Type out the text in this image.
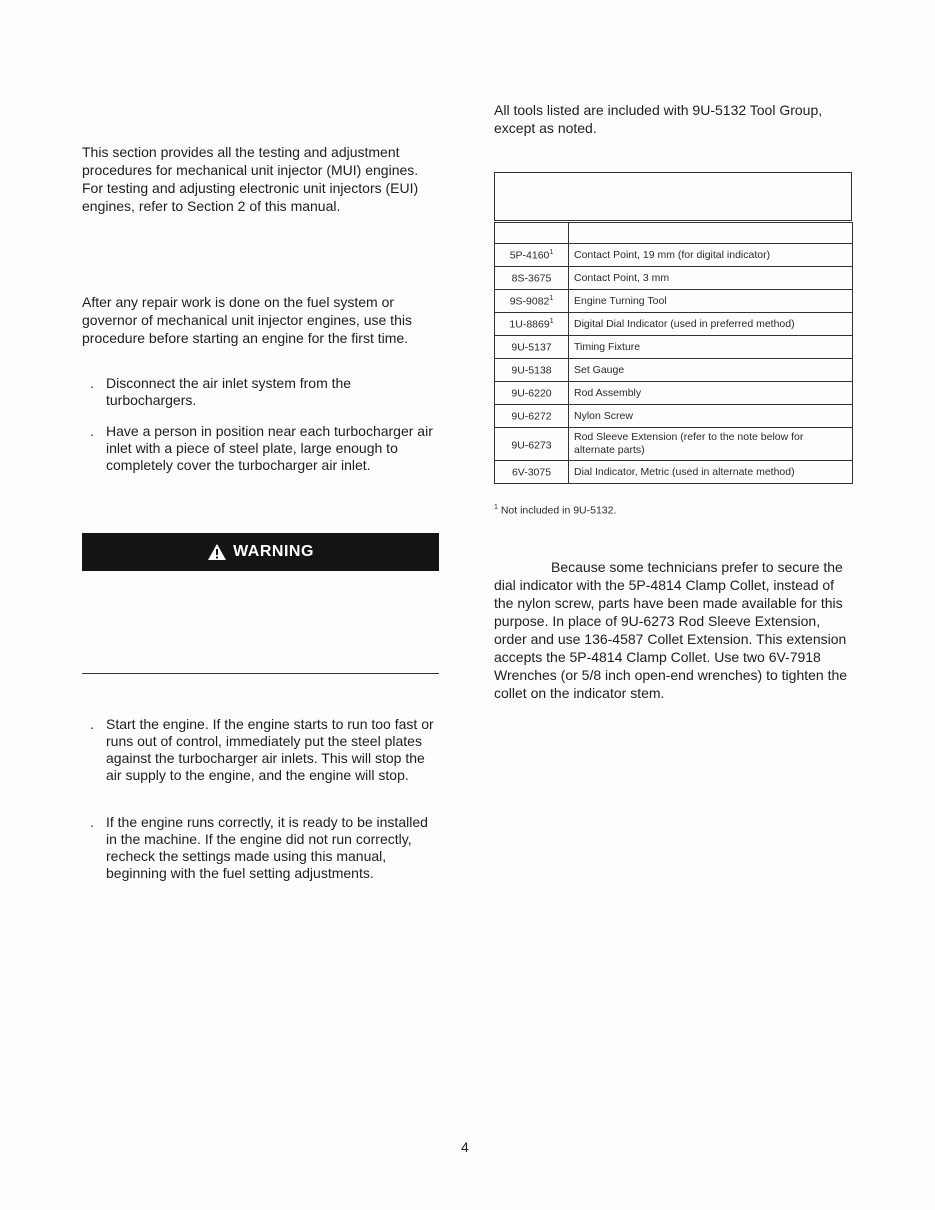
This section provides all the testing and adjustment procedures for mechanical unit injector (MUI) engines. For testing and adjusting electronic unit injectors (EUI) engines, refer to Section 2 of this manual.

After any repair work is done on the fuel system or governor of mechanical unit injector engines, use this procedure before starting an engine for the first time.

. Disconnect the air inlet system from the turbochargers.
. Have a person in position near each turbocharger air inlet with a piece of steel plate, large enough to completely cover the turbocharger air inlet.
WARNING
. Start the engine. If the engine starts to run too fast or runs out of control, immediately put the steel plates against the turbocharger air inlets. This will stop the air supply to the engine, and the engine will stop.
. If the engine runs correctly, it is ready to be installed in the machine. If the engine did not run correctly, recheck the settings made using this manual, beginning with the fuel setting adjustments.

All tools listed are included with 9U-5132 Tool Group, except as noted.

5P-4160$^1$	Contact Point, 19 mm (for digital indicator)
8S-3675	Contact Point, 3 mm
9S-9082$^1$	Engine Turning Tool
1U-8869$^1$	Digital Dial Indicator (used in preferred method)
9U-5137	Timing Fixture
9U-5138	Set Gauge
9U-6220	Rod Assembly
9U-6272	Nylon Screw
9U-6273	Rod Sleeve Extension (refer to the note below for alternate parts)
6V-3075	Dial Indicator, Metric (used in alternate method)
$^1$ Not included in 9U-5132.

Because some technicians prefer to secure the dial indicator with the 5P-4814 Clamp Collet, instead of the nylon screw, parts have been made available for this purpose. In place of 9U-6273 Rod Sleeve Extension, order and use 136-4587 Collet Extension. This extension accepts the 5P-4814 Clamp Collet. Use two 6V-7918 Wrenches (or 5/8 inch open-end wrenches) to tighten the collet on the indicator stem.

4
